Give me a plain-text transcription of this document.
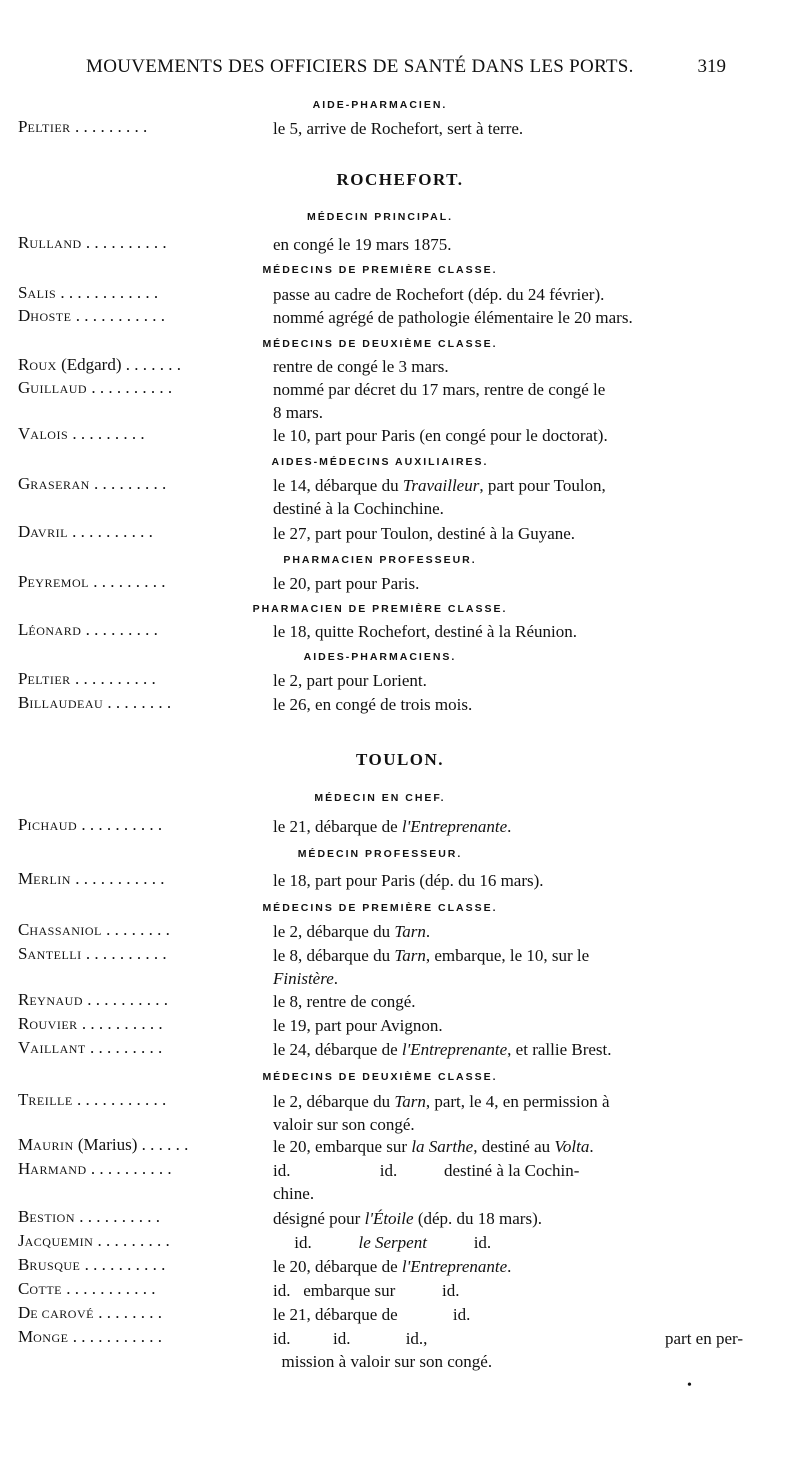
MOUVEMENTS DES OFFICIERS DE SANTÉ DANS LES PORTS.	319
AIDE-PHARMACIEN.
PELTIER . . . . . . . . .	le 5, arrive de Rochefort, sert à terre.
ROCHEFORT.
MÉDECIN PRINCIPAL.
RULLAND . . . . . . . . . .	en congé le 19 mars 1875.
MÉDECINS DE PREMIÈRE CLASSE.
SALIS . . . . . . . . . . . .	passe au cadre de Rochefort (dép. du 24 février).
DHOSTE . . . . . . . . . . .	nommé agrégé de pathologie élémentaire le 20 mars.
MÉDECINS DE DEUXIÈME CLASSE.
ROUX (Edgard) . . . . . . .	rentre de congé le 3 mars.
GUILLAUD . . . . . . . . . .	nommé par décret du 17 mars, rentre de congé le
8 mars.
VALOIS . . . . . . . . .	le 10, part pour Paris (en congé pour le doctorat).
AIDES-MÉDECINS AUXILIAIRES.
GRASERAN . . . . . . . . .	le 14, débarque du Travailleur, part pour Toulon,
destiné à la Cochinchine.
DAVRIL . . . . . . . . . .	le 27, part pour Toulon, destiné à la Guyane.
PHARMACIEN PROFESSEUR.
PEYREMOL . . . . . . . . .	le 20, part pour Paris.
PHARMACIEN DE PREMIÈRE CLASSE.
LÉONARD . . . . . . . . .	le 18, quitte Rochefort, destiné à la Réunion.
AIDES-PHARMACIENS.
PELTIER . . . . . . . . . .	le 2, part pour Lorient.
BILLAUDEAU . . . . . . . .	le 26, en congé de trois mois.
TOULON.
MÉDECIN EN CHEF.
PICHAUD . . . . . . . . . .	le 21, débarque de l'Entreprenante.
MÉDECIN PROFESSEUR.
MERLIN . . . . . . . . . . .	le 18, part pour Paris (dép. du 16 mars).
MÉDECINS DE PREMIÈRE CLASSE.
CHASSANIOL . . . . . . . .	le 2, débarque du Tarn.
SANTELLI . . . . . . . . . .	le 8, débarque du Tarn, embarque, le 10, sur le
Finistère.
REYNAUD . . . . . . . . . .	le 8, rentre de congé.
ROUVIER . . . . . . . . . .	le 19, part pour Avignon.
VAILLANT . . . . . . . . .	le 24, débarque de l'Entreprenante, et rallie Brest.
MÉDECINS DE DEUXIÈME CLASSE.
TREILLE . . . . . . . . . . .	le 2, débarque du Tarn, part, le 4, en permission à
valoir sur son congé.
MAURIN (Marius) . . . . . .	le 20, embarque sur la Sarthe, destiné au Volta.
HARMAND . . . . . . . . . .	id.                     id.           destiné à la Cochin-
chine.
BESTION . . . . . . . . . .	désigné pour l'Étoile (dép. du 18 mars).
JACQUEMIN . . . . . . . . .	id.           le Serpent           id.
BRUSQUE . . . . . . . . . .	le 20, débarque de l'Entreprenante.
COTTE . . . . . . . . . . .	id.   embarque sur           id.
DE CAROVÉ . . . . . . . .	le 21, débarque de             id.
MONGE . . . . . . . . . . .	id.          id.             id.,	part en per-

mission à valoir sur son congé.
•
